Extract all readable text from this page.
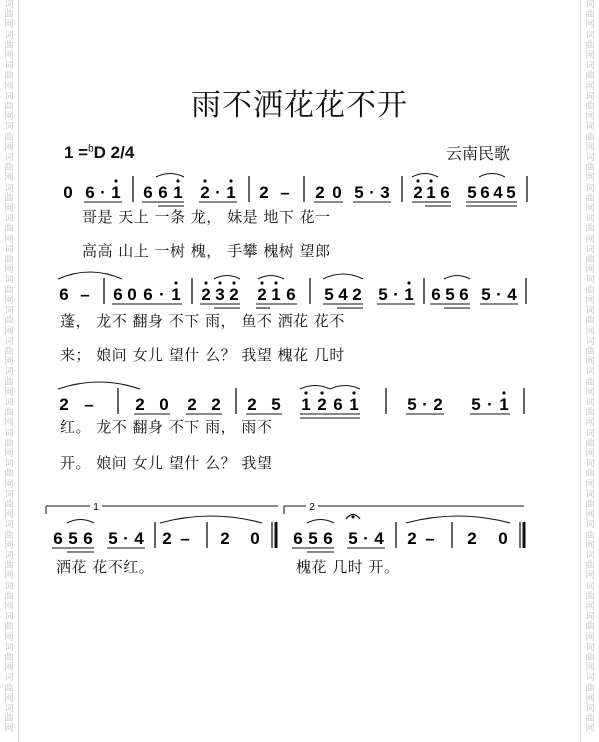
词曲网词曲网词曲网词曲网词曲网词曲网词曲网词曲网词曲网词曲网词曲网词曲网词曲网词曲网词曲网词曲网词曲网词曲网词曲网词曲网词曲网词曲网词曲网词曲网
词曲网词曲网词曲网词曲网词曲网词曲网词曲网词曲网词曲网词曲网词曲网词曲网词曲网词曲网词曲网词曲网词曲网词曲网词曲网词曲网词曲网词曲网词曲网词曲网
雨不洒花花不开
1 =$^b$D 2/4	云南民歌
0 6 · 1 6 6 1 2 · 1 2 – 2 0 5 · 3 2 1 6 5 6 4 5
6 – 6 0 6 · 1 2 3 2 2 1 6 5 4 2 5 · 1 6 5 6 5 · 4
2 – 2 0 2 2 2 5 1 2 6 1	5 · 2 5 · 1
6 5 6 5 · 4 2 – 2 0 6 5 6 5 · 4 2 – 2 0
1	2
哥是 天上 一条 龙， 妹是 地下 花一
高高 山上 一树 槐， 手攀 槐树 望郎
蓬， 龙不 翻身 不下 雨， 鱼不 洒花 花不
来； 娘问 女儿 望什 么？ 我望 槐花 几时
红。 龙不 翻身 不下 雨， 雨不
开。 娘问 女儿 望什 么？ 我望
洒花 花不红。	槐花 几时 开。
